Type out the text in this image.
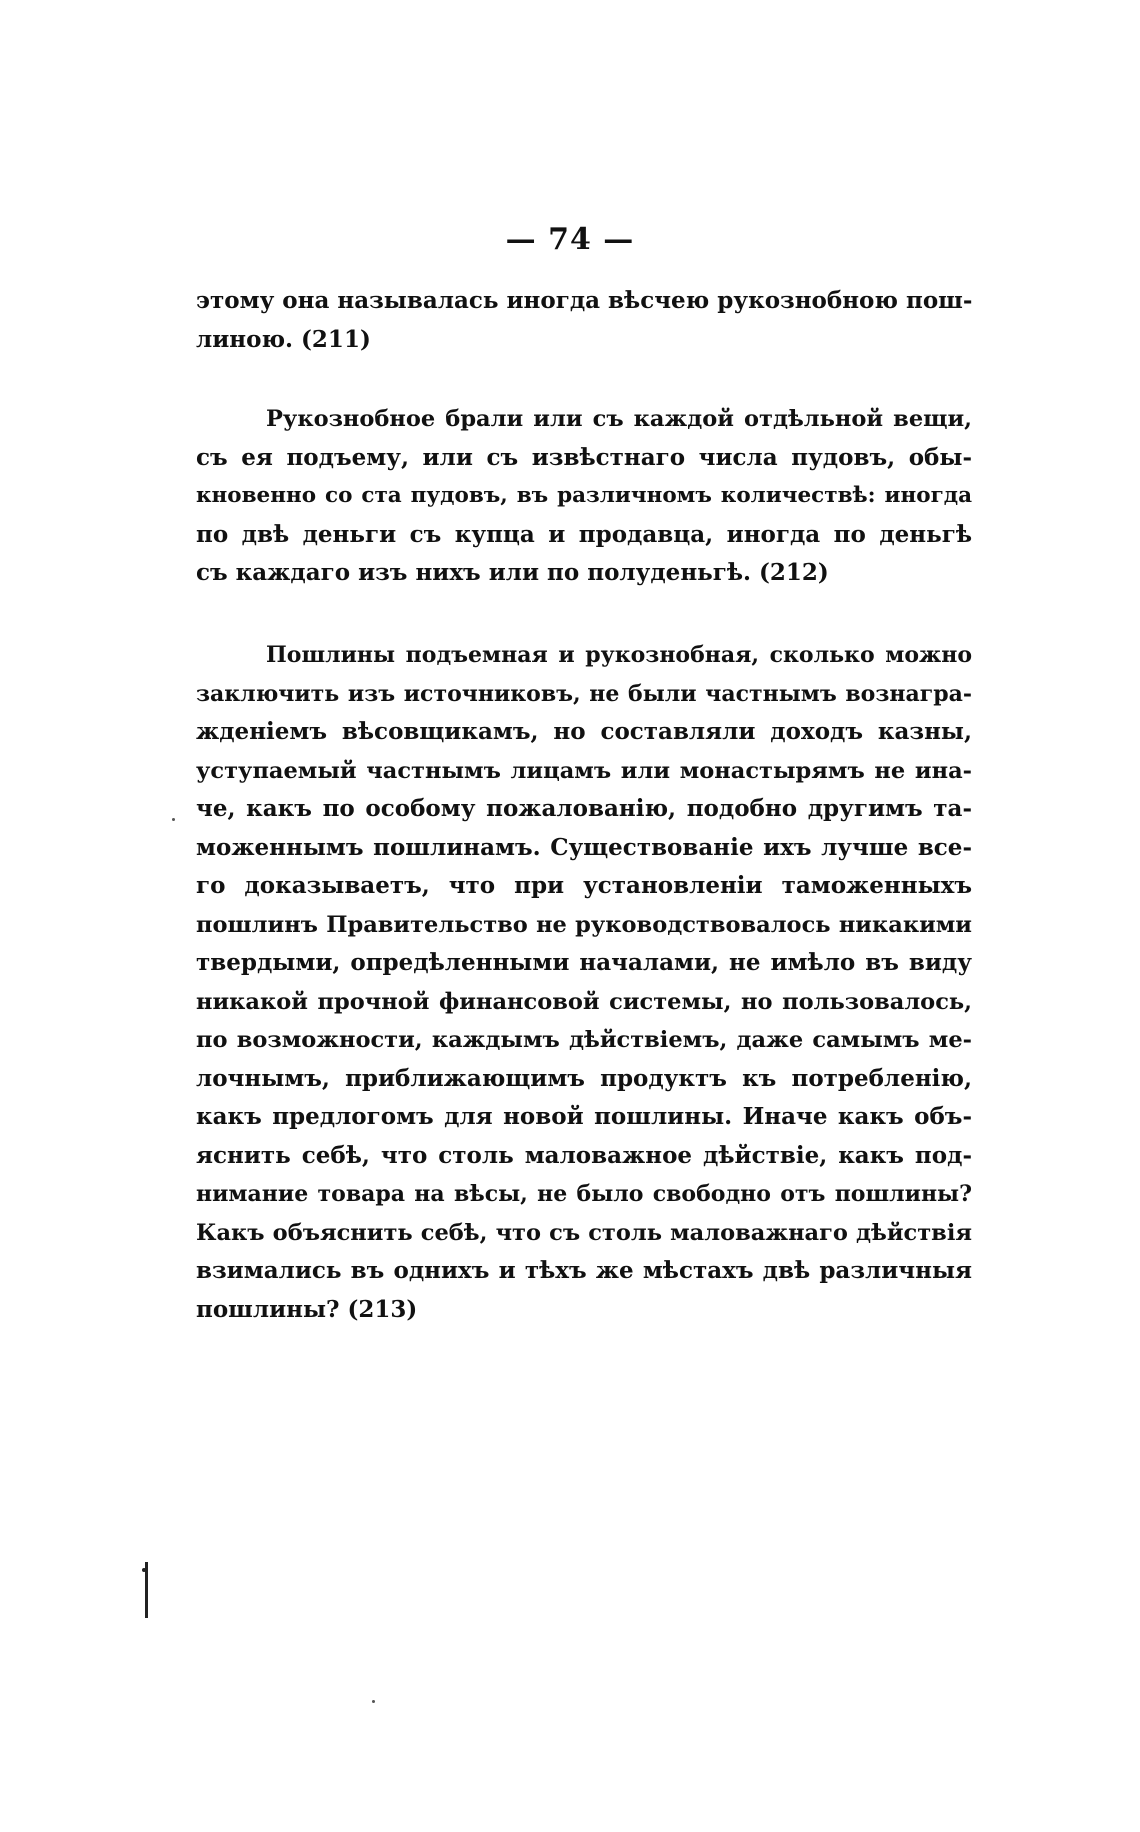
— 74 —
этому она называлась иногда вѣсчею рукознобною пош-
линою. (211)
Рукознобное брали или съ каждой отдѣльной вещи,
съ ея подъему, или съ извѣстнаго числа пудовъ, обы-
кновенно со ста пудовъ, въ различномъ количествѣ: иногда
по двѣ деньги съ купца и продавца, иногда по деньгѣ
съ каждаго изъ нихъ или по полуденьгѣ. (212)
Пошлины подъемная и рукознобная, сколько можно
заключить изъ источниковъ, не были частнымъ вознагра-
жденiемъ вѣсовщикамъ, но составляли доходъ казны,
уступаемый частнымъ лицамъ или монастырямъ не ина-
че, какъ по особому пожалованiю, подобно другимъ та-
моженнымъ пошлинамъ. Существованiе ихъ лучше все-
го доказываетъ, что при установленiи таможенныхъ
пошлинъ Правительство не руководствовалось никакими
твердыми, опредѣленными началами, не имѣло въ виду
никакой прочной финансовой системы, но пользовалось,
по возможности, каждымъ дѣйствiемъ, даже самымъ ме-
лочнымъ, приближающимъ продуктъ къ потребленiю,
какъ предлогомъ для новой пошлины. Иначе какъ объ-
яснить себѣ, что столь маловажное дѣйствiе, какъ под-
нимание товара на вѣсы, не было свободно отъ пошлины?
Какъ объяснить себѣ, что съ столь маловажнаго дѣйствiя
взимались въ однихъ и тѣхъ же мѣстахъ двѣ различныя
пошлины? (213)
